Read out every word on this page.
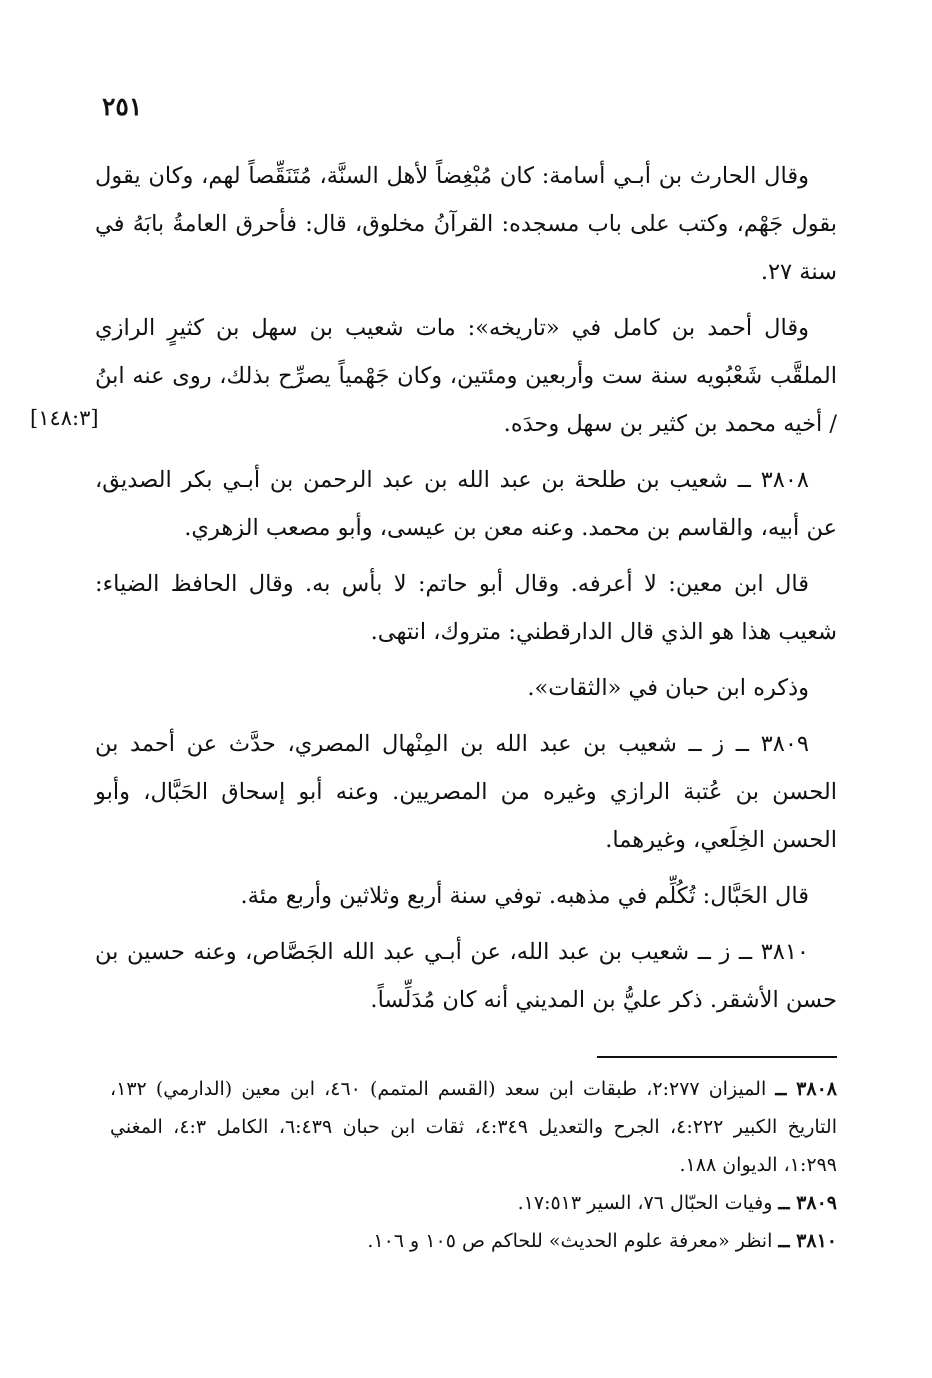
٢٥١

وقال الحارث بن أبـي أسامة: كان مُبْغِضاً لأهل السنَّة، مُتَنَقِّصاً لهم، وكان يقول بقول جَهْم، وكتب على باب مسجده: القرآنُ مخلوق، قال: فأحرق العامةُ بابَهُ في سنة ٢٧.

وقال أحمد بن كامل في «تاريخه»: مات شعيب بن سهل بن كثيرٍ الرازي الملقَّب شَعْبُويه سنة ست وأربعين ومئتين، وكان جَهْمياً يصرِّح بذلك، روى عنه ابنُ / أخيه محمد بن كثير بن سهل وحدَه.

٣٨٠٨ ــ شعيب بن طلحة بن عبد الله بن عبد الرحمن بن أبـي بكر الصديق، عن أبيه، والقاسم بن محمد. وعنه معن بن عيسى، وأبو مصعب الزهري.

قال ابن معين: لا أعرفه. وقال أبو حاتم: لا بأس به. وقال الحافظ الضياء: شعيب هذا هو الذي قال الدارقطني: متروك، انتهى.

وذكره ابن حبان في «الثقات».

٣٨٠٩ ــ ز ــ شعيب بن عبد الله بن المِنْهال المصري، حدَّث عن أحمد بن الحسن بن عُتبة الرازي وغيره من المصريين. وعنه أبو إسحاق الحَبَّال، وأبو الحسن الخِلَعي، وغيرهما.

قال الحَبَّال: تُكُلِّم في مذهبه. توفي سنة أربع وثلاثين وأربع مئة.

٣٨١٠ ــ ز ــ شعيب بن عبد الله، عن أبـي عبد الله الجَصَّاص، وعنه حسين بن حسن الأشقر. ذكر عليُّ بن المديني أنه كان مُدَلِّساً.

[١٤٨:٣]

٣٨٠٨ ــ الميزان ٢:٢٧٧، طبقات ابن سعد (القسم المتمم) ٤٦٠، ابن معين (الدارمي) ١٣٢، التاريخ الكبير ٤:٢٢٢، الجرح والتعديل ٤:٣٤٩، ثقات ابن حبان ٦:٤٣٩، الكامل ٤:٣، المغني ١:٢٩٩، الديوان ١٨٨.

٣٨٠٩ ــ وفيات الحبّال ٧٦، السير ١٧:٥١٣.

٣٨١٠ ــ انظر «معرفة علوم الحديث» للحاكم ص ١٠٥ و ١٠٦.
